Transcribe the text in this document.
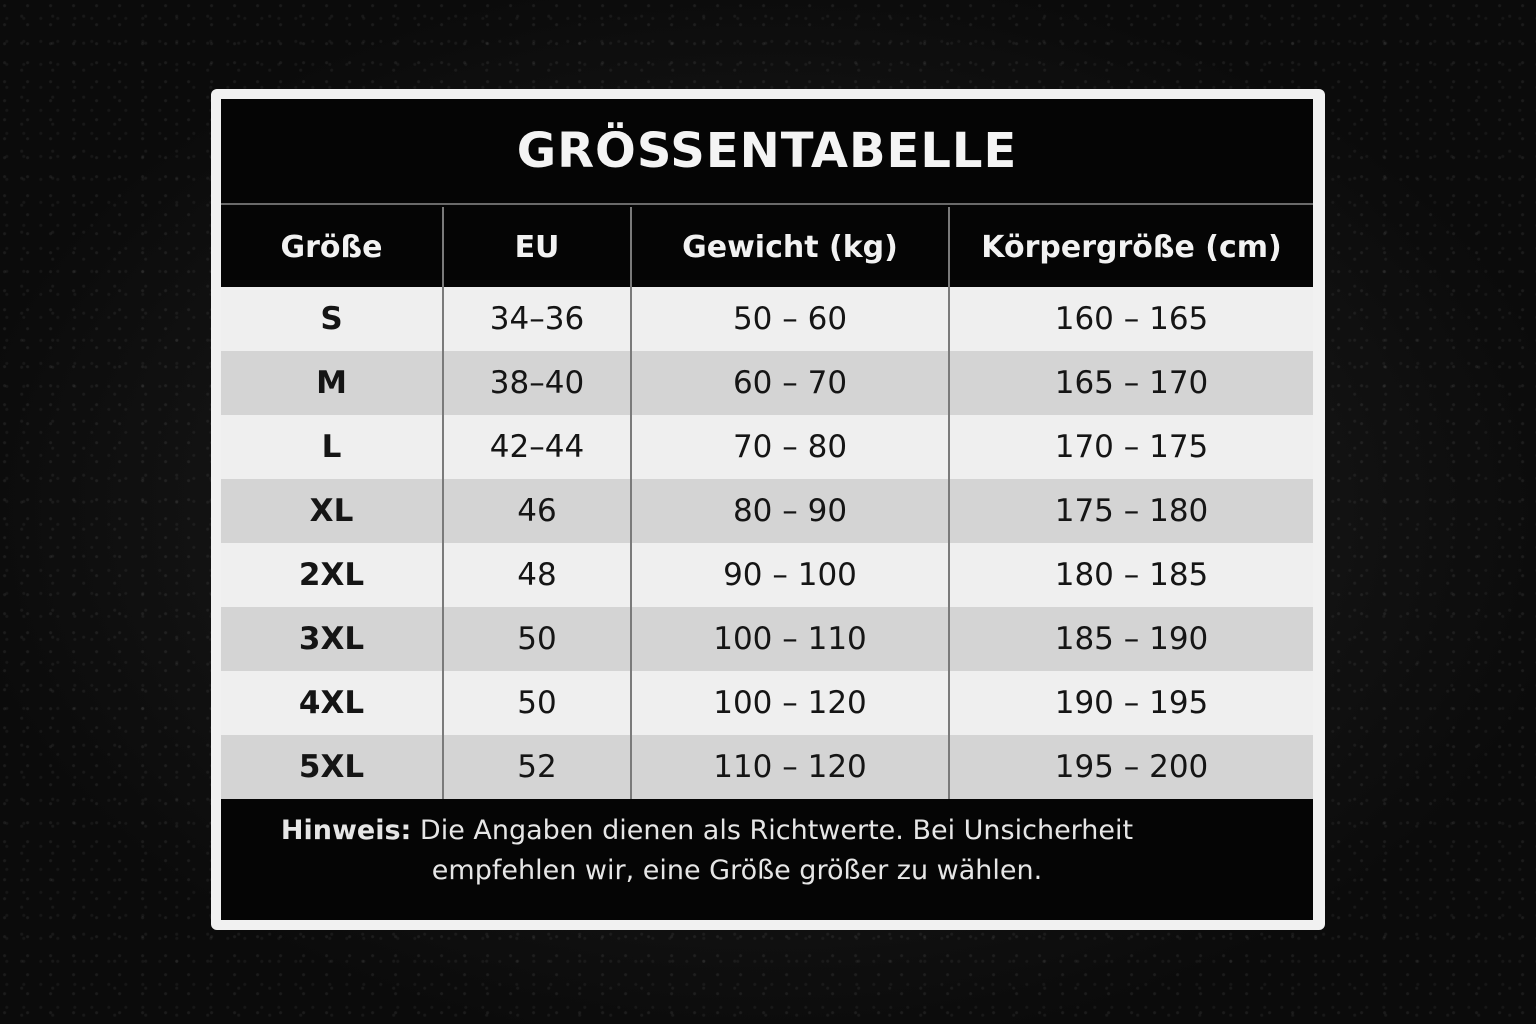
GRÖSSENTABELLE
Größe	EU	Gewicht (kg)	Körpergröße (cm)
S	34–36	50 – 60	160 – 165
M	38–40	60 – 70	165 – 170
L	42–44	70 – 80	170 – 175
XL	46	80 – 90	175 – 180
2XL	48	90 – 100	180 – 185
3XL	50	100 – 110	185 – 190
4XL	50	100 – 120	190 – 195
5XL	52	110 – 120	195 – 200
Hinweis: Die Angaben dienen als Richtwerte. Bei Unsicherheit
empfehlen wir, eine Größe größer zu wählen.
